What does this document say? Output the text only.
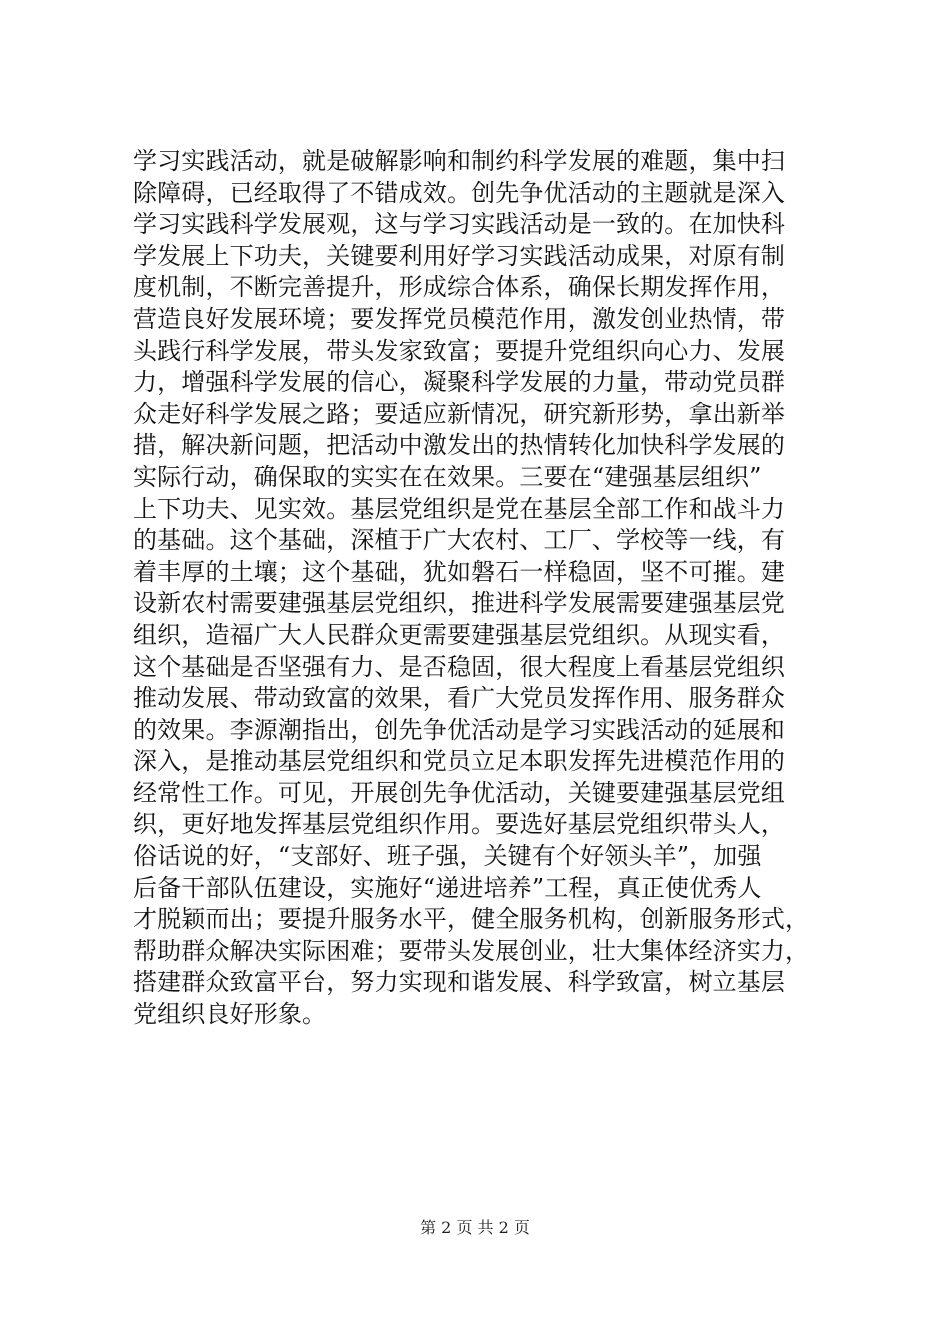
学习实践活动，就是破解影响和制约科学发展的难题，集中扫
除障碍，已经取得了不错成效。创先争优活动的主题就是深入
学习实践科学发展观，这与学习实践活动是一致的。在加快科
学发展上下功夫，关键要利用好学习实践活动成果，对原有制
度机制，不断完善提升，形成综合体系，确保长期发挥作用，
营造良好发展环境；要发挥党员模范作用，激发创业热情，带
头践行科学发展，带头发家致富；要提升党组织向心力、发展
力，增强科学发展的信心，凝聚科学发展的力量，带动党员群
众走好科学发展之路；要适应新情况，研究新形势，拿出新举
措，解决新问题，把活动中激发出的热情转化加快科学发展的
实际行动，确保取的实实在在效果。三要在“建强基层组织”
上下功夫、见实效。基层党组织是党在基层全部工作和战斗力
的基础。这个基础，深植于广大农村、工厂、学校等一线，有
着丰厚的土壤；这个基础，犹如磐石一样稳固，坚不可摧。建
设新农村需要建强基层党组织，推进科学发展需要建强基层党
组织，造福广大人民群众更需要建强基层党组织。从现实看，
这个基础是否坚强有力、是否稳固，很大程度上看基层党组织
推动发展、带动致富的效果，看广大党员发挥作用、服务群众
的效果。李源潮指出，创先争优活动是学习实践活动的延展和
深入，是推动基层党组织和党员立足本职发挥先进模范作用的
经常性工作。可见，开展创先争优活动，关键要建强基层党组
织，更好地发挥基层党组织作用。要选好基层党组织带头人，
俗话说的好，“支部好、班子强，关键有个好领头羊”，加强
后备干部队伍建设，实施好“递进培养”工程，真正使优秀人
才脱颖而出；要提升服务水平，健全服务机构，创新服务形式，
帮助群众解决实际困难；要带头发展创业，壮大集体经济实力，
搭建群众致富平台，努力实现和谐发展、科学致富，树立基层
党组织良好形象。
第 2 页 共 2 页
